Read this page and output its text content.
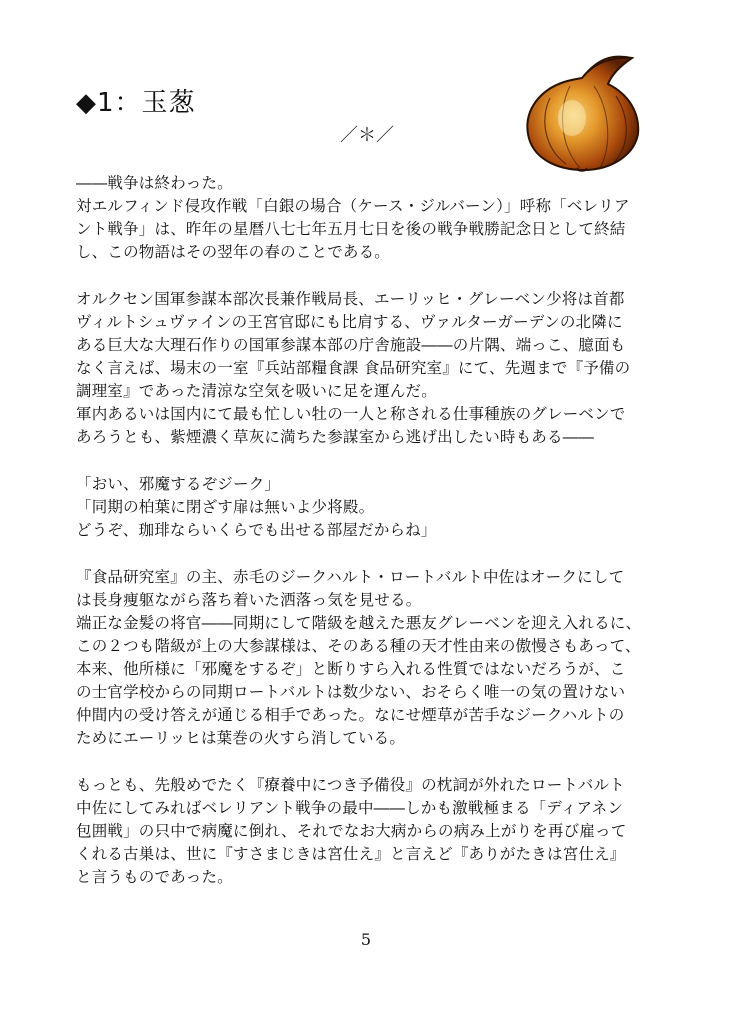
◆1：玉葱
／＊／
――戦争は終わった。
対エルフィンド侵攻作戦「白銀の場合（ケース・ジルバーン）」呼称「ベレリア
ント戦争」は、昨年の星暦八七七年五月七日を後の戦争戦勝記念日として終結
し、この物語はその翌年の春のことである。
オルクセン国軍参謀本部次長兼作戦局長、エーリッヒ・グレーベン少将は首都
ヴィルトシュヴァインの王宮官邸にも比肩する、ヴァルターガーデンの北隣に
ある巨大な大理石作りの国軍参謀本部の庁舎施設――の片隅、端っこ、臆面も
なく言えば、場末の一室『兵站部糧食課 食品研究室』にて、先週まで『予備の
調理室』であった清涼な空気を吸いに足を運んだ。
軍内あるいは国内にて最も忙しい牡の一人と称される仕事種族のグレーベンで
あろうとも、紫煙濃く草灰に満ちた参謀室から逃げ出したい時もある――
「おい、邪魔するぞジーク」
「同期の柏葉に閉ざす扉は無いよ少将殿。
どうぞ、珈琲ならいくらでも出せる部屋だからね」
『食品研究室』の主、赤毛のジークハルト・ロートバルト中佐はオークにして
は長身痩躯ながら落ち着いた洒落っ気を見せる。
端正な金髪の将官――同期にして階級を越えた悪友グレーベンを迎え入れるに、
この２つも階級が上の大参謀様は、そのある種の天才性由来の傲慢さもあって、
本来、他所様に「邪魔をするぞ」と断りすら入れる性質ではないだろうが、こ
の士官学校からの同期ロートバルトは数少ない、おそらく唯一の気の置けない
仲間内の受け答えが通じる相手であった。なにせ煙草が苦手なジークハルトの
ためにエーリッヒは葉巻の火すら消している。
もっとも、先般めでたく『療養中につき予備役』の枕詞が外れたロートバルト
中佐にしてみればベレリアント戦争の最中――しかも激戦極まる「ディアネン
包囲戦」の只中で病魔に倒れ、それでなお大病からの病み上がりを再び雇って
くれる古巣は、世に『すさまじきは宮仕え』と言えど『ありがたきは宮仕え』
と言うものであった。
5
